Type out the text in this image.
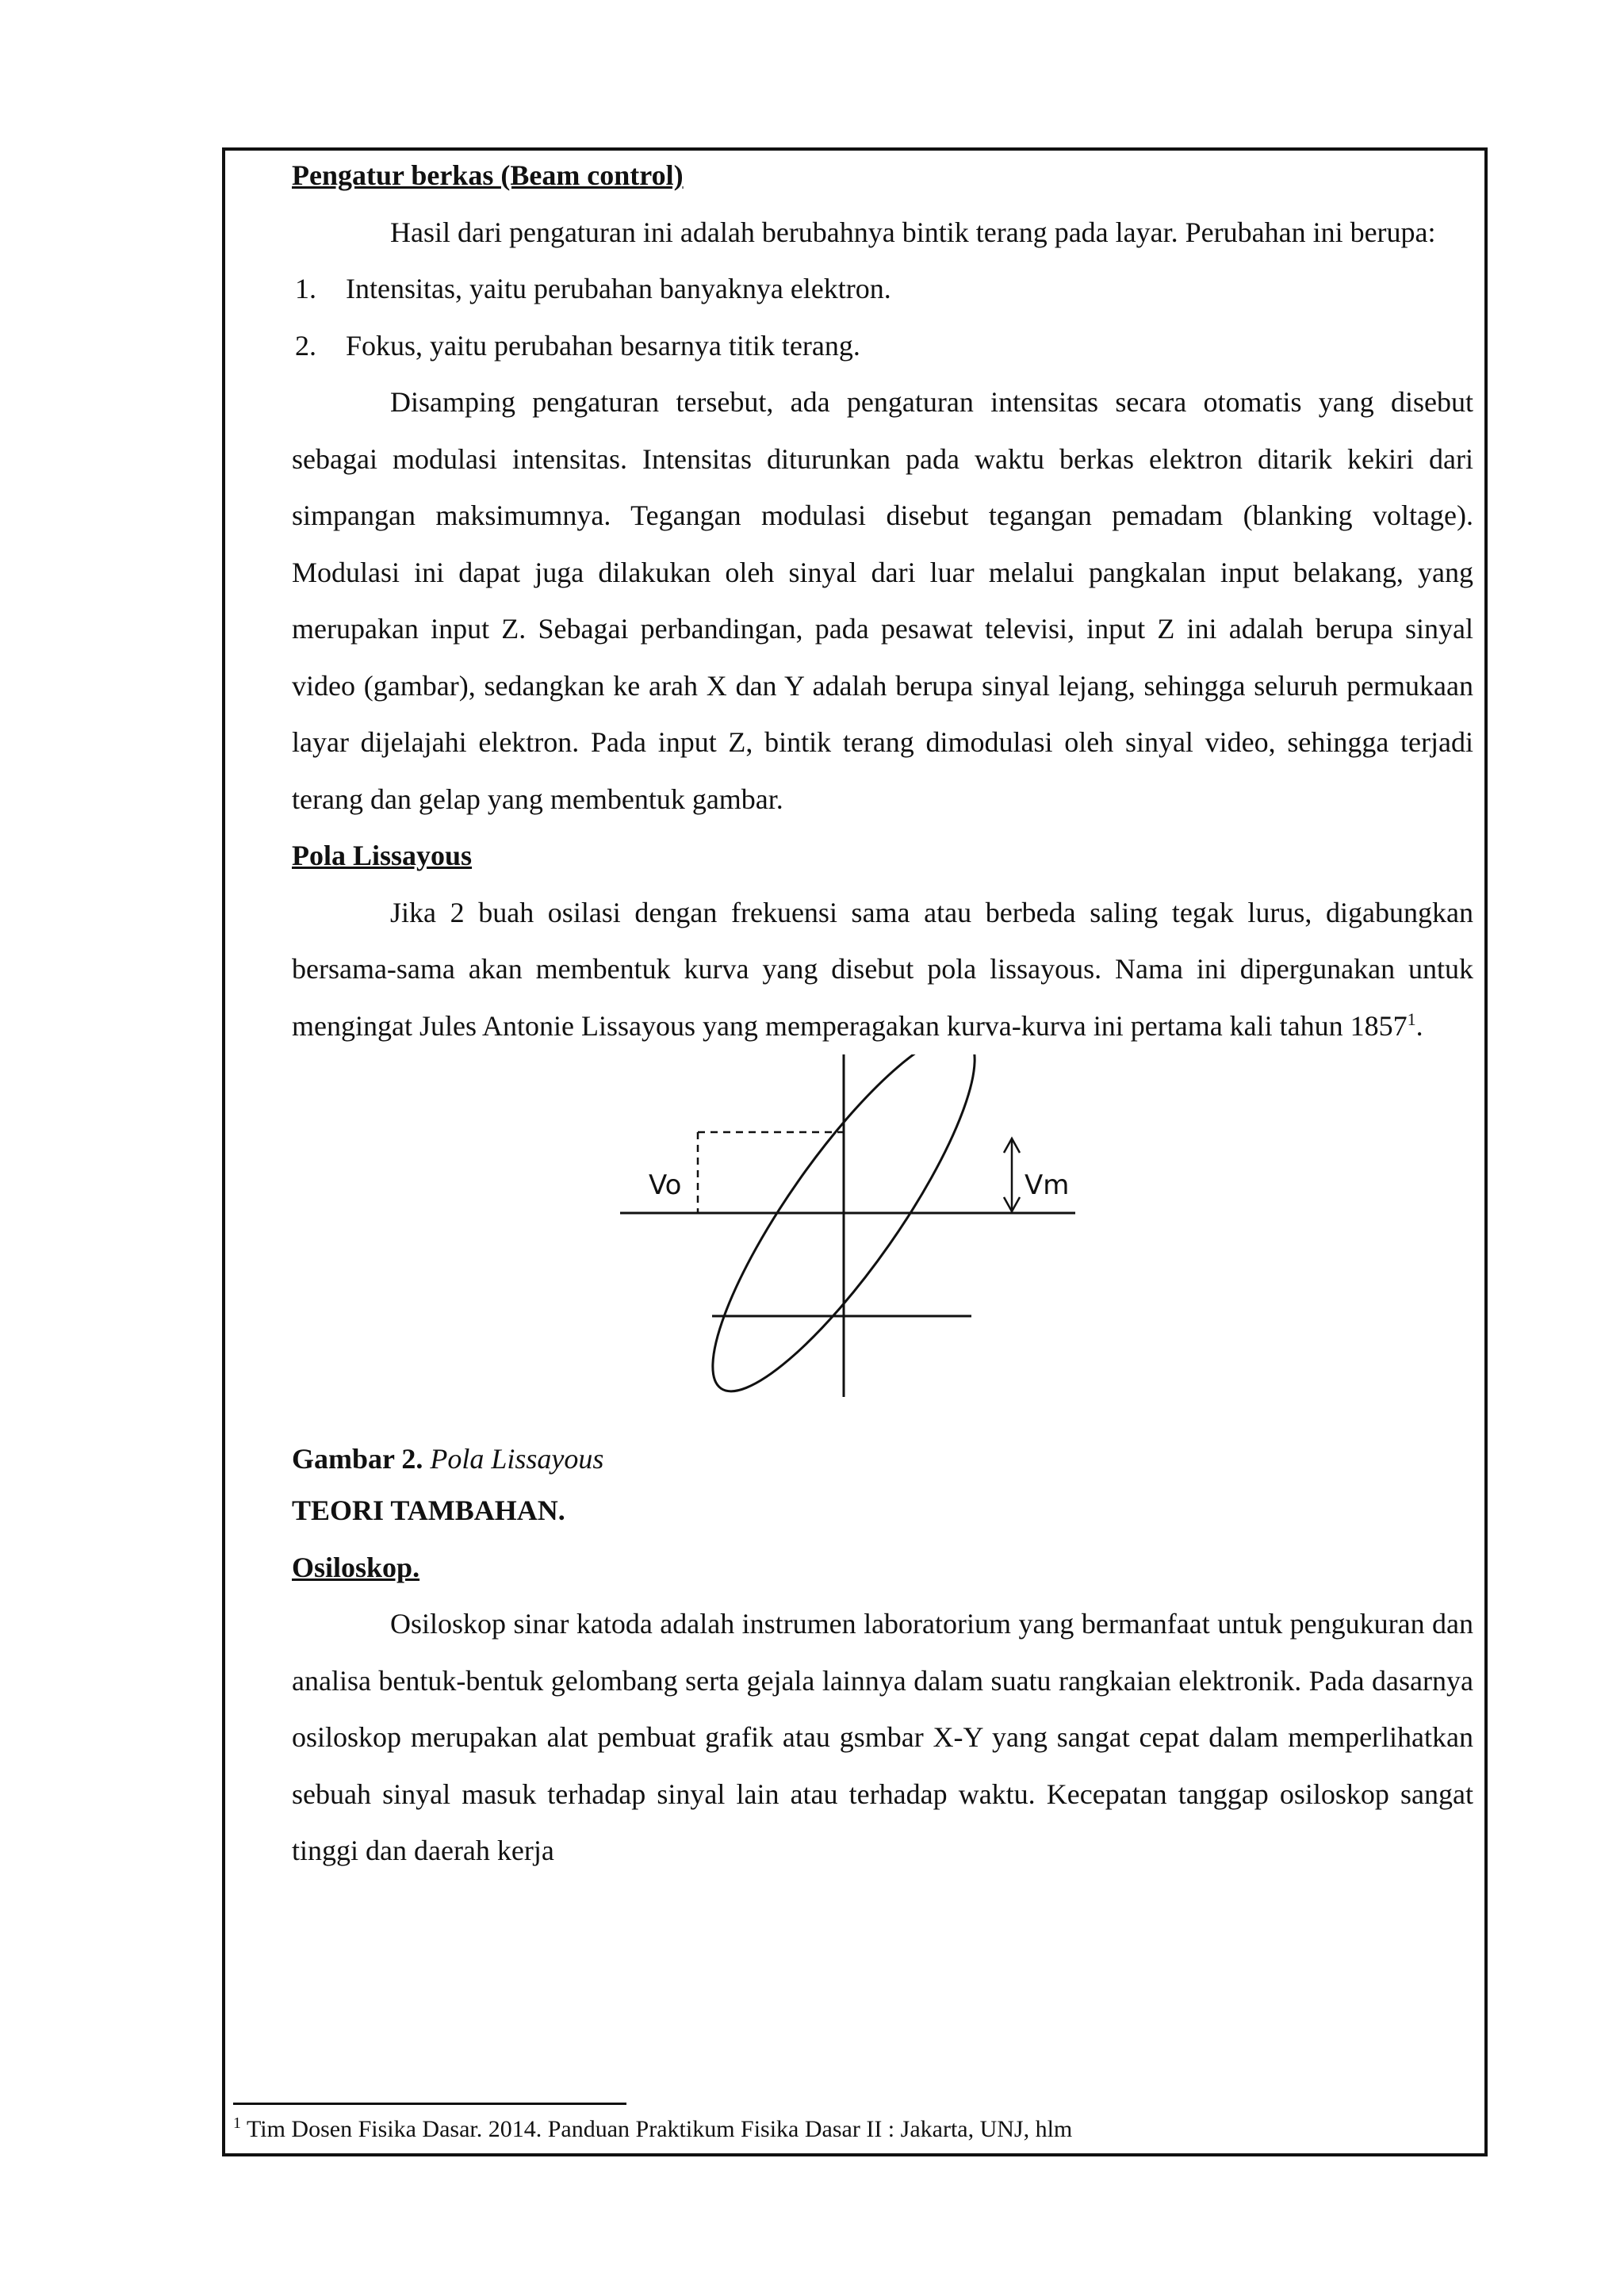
Pengatur berkas (Beam control)

Hasil dari pengaturan ini adalah berubahnya bintik terang pada layar. Perubahan ini berupa:

1.	Intensitas, yaitu perubahan banyaknya elektron.
2.	Fokus, yaitu perubahan besarnya titik terang.

Disamping pengaturan tersebut, ada pengaturan intensitas secara otomatis yang disebut sebagai modulasi intensitas. Intensitas diturunkan pada waktu berkas elektron ditarik kekiri dari simpangan maksimumnya. Tegangan modulasi disebut tegangan pemadam (blanking voltage). Modulasi ini dapat juga dilakukan oleh sinyal dari luar melalui pangkalan input belakang, yang merupakan input Z. Sebagai perbandingan, pada pesawat televisi, input Z ini adalah berupa sinyal video (gambar), sedangkan ke arah X dan Y adalah berupa sinyal lejang, sehingga seluruh permukaan layar dijelajahi elektron. Pada input Z, bintik terang dimodulasi oleh sinyal video, sehingga terjadi terang dan gelap yang membentuk gambar.

Pola Lissayous

Jika 2 buah osilasi dengan frekuensi sama atau berbeda saling tegak lurus, digabungkan bersama-sama akan membentuk kurva yang disebut pola lissayous. Nama ini dipergunakan untuk mengingat Jules Antonie Lissayous yang memperagakan kurva-kurva ini pertama kali tahun 1857$^1$.

Vo	Vm

Gambar 2. Pola Lissayous

TEORI TAMBAHAN.

Osiloskop.

Osiloskop sinar katoda adalah instrumen laboratorium yang bermanfaat untuk pengukuran dan analisa bentuk-bentuk gelombang serta gejala lainnya dalam suatu rangkaian elektronik. Pada dasarnya osiloskop merupakan alat pembuat grafik atau gsmbar X-Y yang sangat cepat dalam memperlihatkan sebuah sinyal masuk terhadap sinyal lain atau terhadap waktu. Kecepatan tanggap osiloskop sangat tinggi dan daerah kerja

$^1$ Tim Dosen Fisika Dasar. 2014. Panduan Praktikum Fisika Dasar II : Jakarta, UNJ, hlm
